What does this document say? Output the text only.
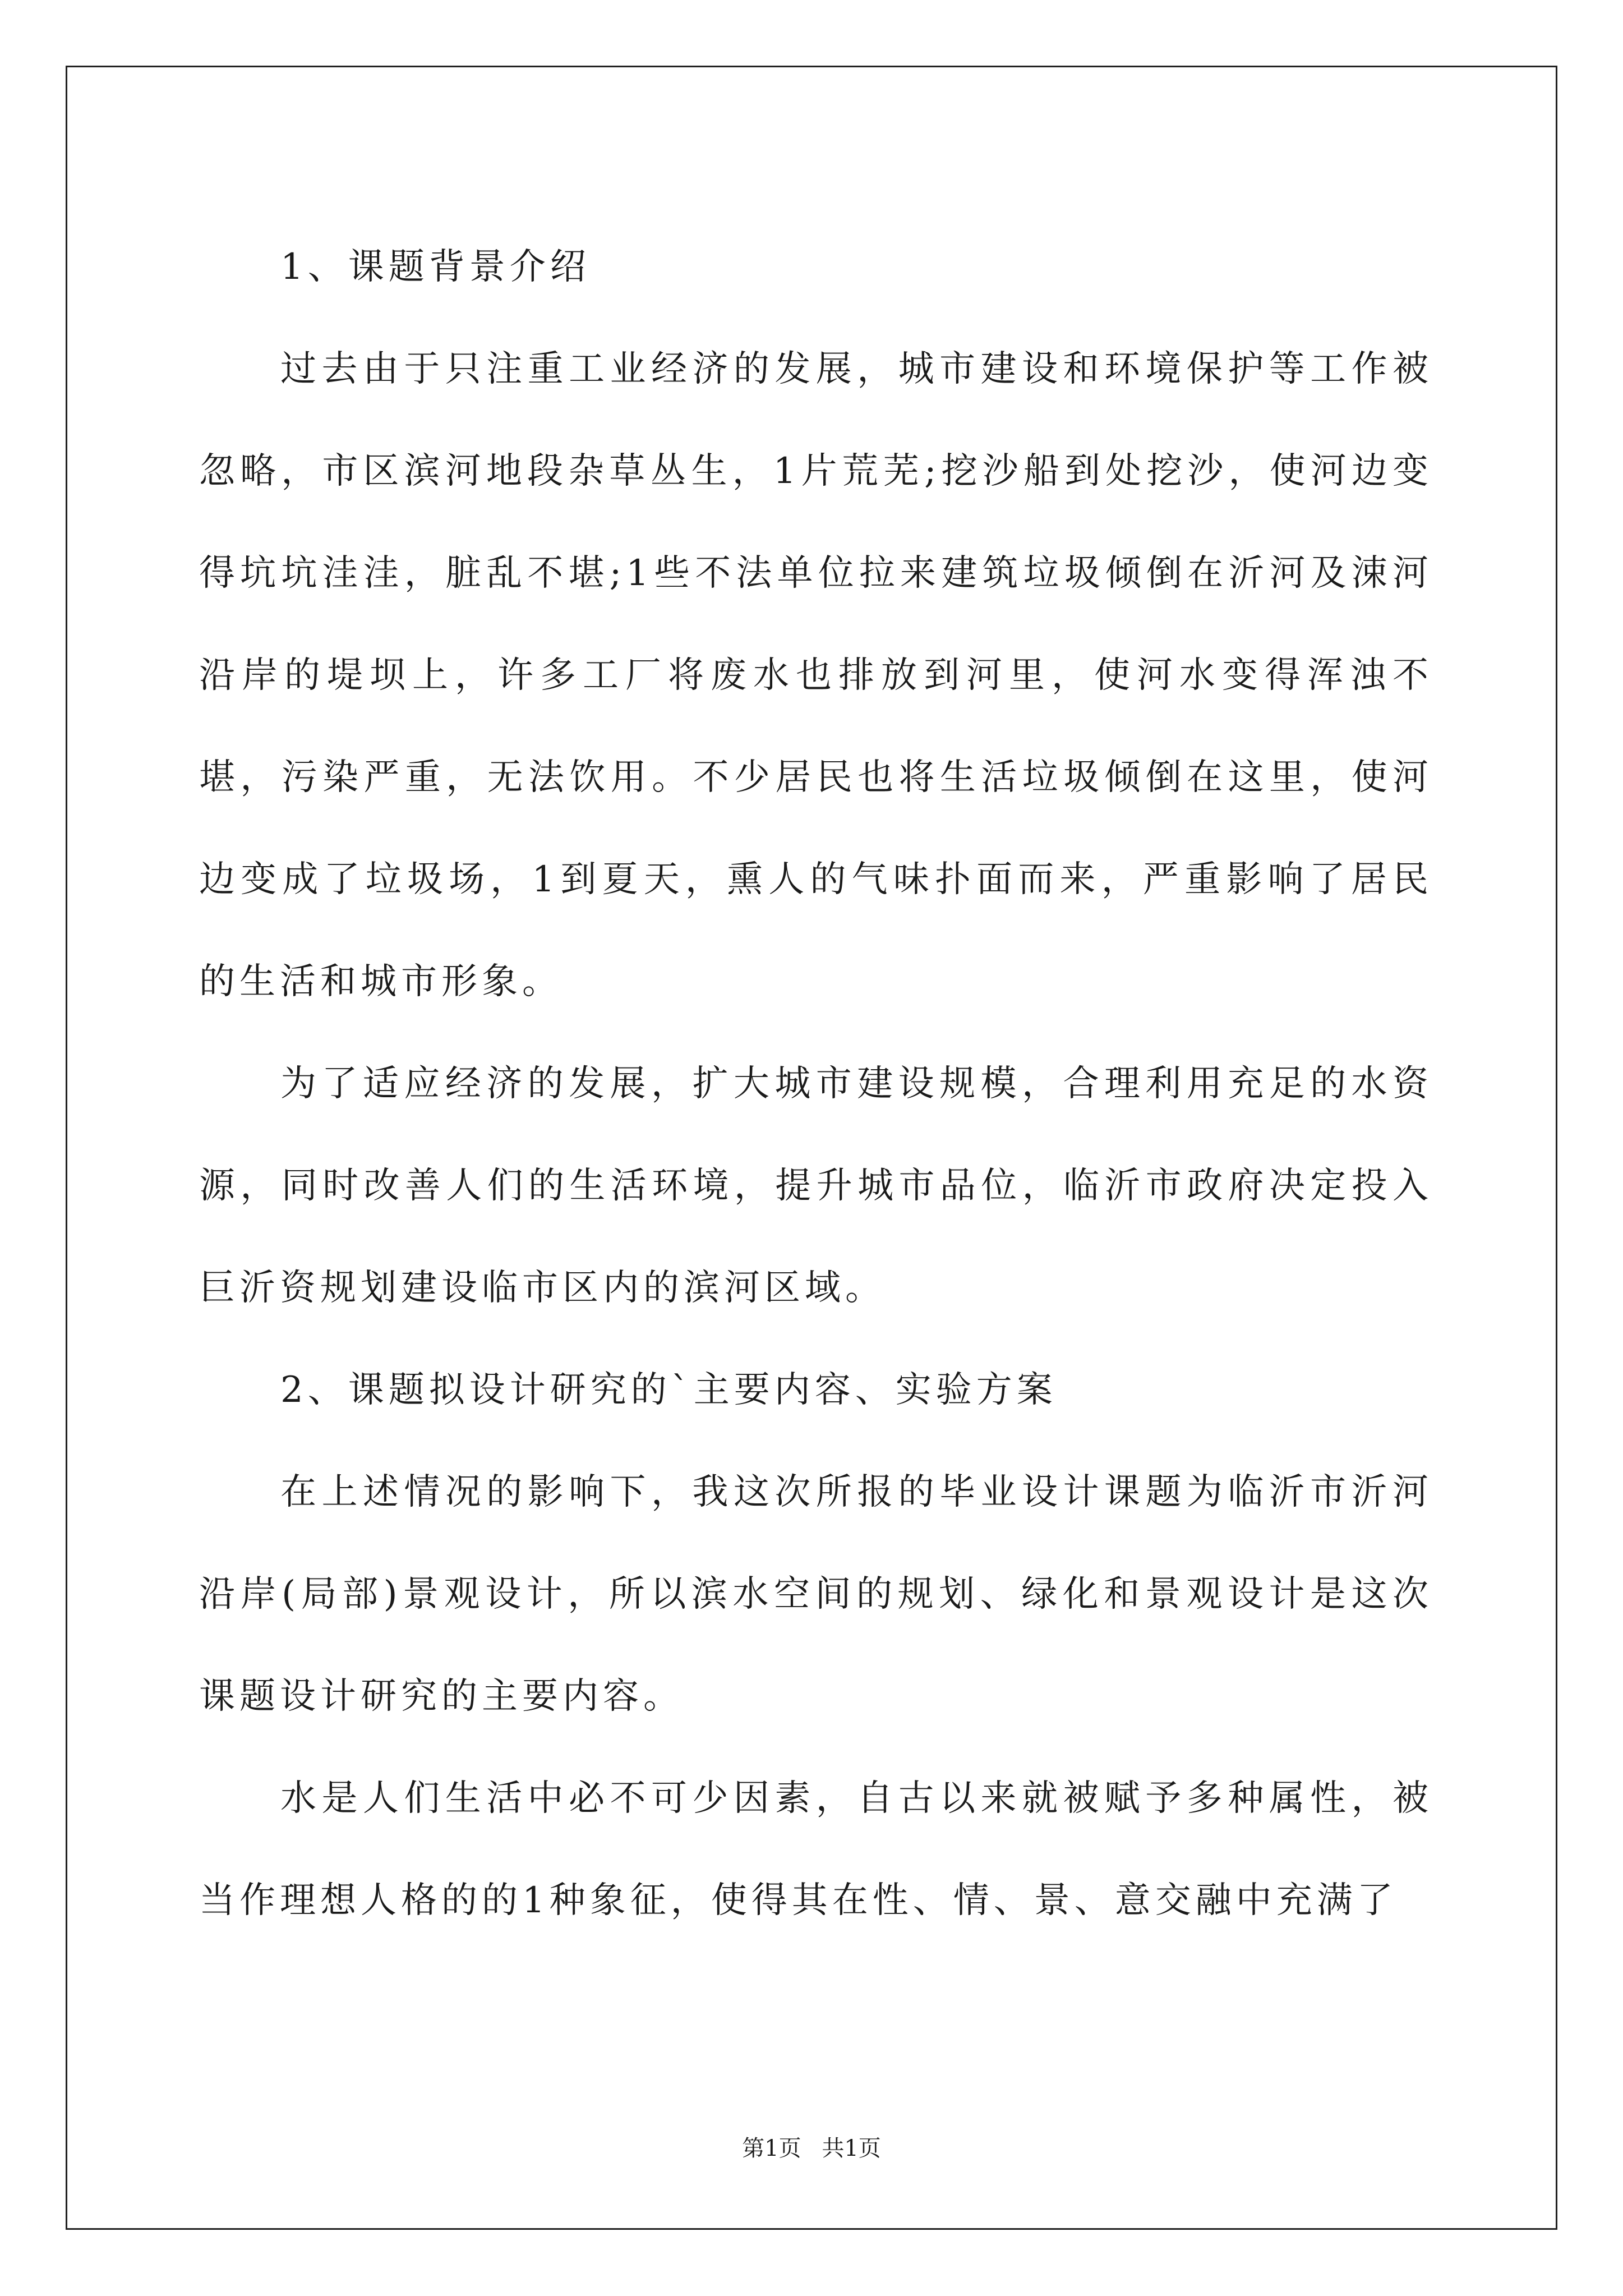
1、课题背景介绍

过去由于只注重工业经济的发展，城市建设和环境保护等工作被忽略，市区滨河地段杂草丛生，1片荒芜;挖沙船到处挖沙，使河边变得坑坑洼洼，脏乱不堪;1些不法单位拉来建筑垃圾倾倒在沂河及涑河沿岸的堤坝上，许多工厂将废水也排放到河里，使河水变得浑浊不堪，污染严重，无法饮用。不少居民也将生活垃圾倾倒在这里，使河边变成了垃圾场，1到夏天，熏人的气味扑面而来，严重影响了居民的生活和城市形象。

为了适应经济的发展，扩大城市建设规模，合理利用充足的水资源，同时改善人们的生活环境，提升城市品位，临沂市政府决定投入巨沂资规划建设临市区内的滨河区域。

2、课题拟设计研究的`主要内容、实验方案

在上述情况的影响下，我这次所报的毕业设计课题为临沂市沂河沿岸(局部)景观设计，所以滨水空间的规划、绿化和景观设计是这次课题设计研究的主要内容。

水是人们生活中必不可少因素，自古以来就被赋予多种属性，被当作理想人格的的1种象征，使得其在性、情、景、意交融中充满了

第1页 共1页
